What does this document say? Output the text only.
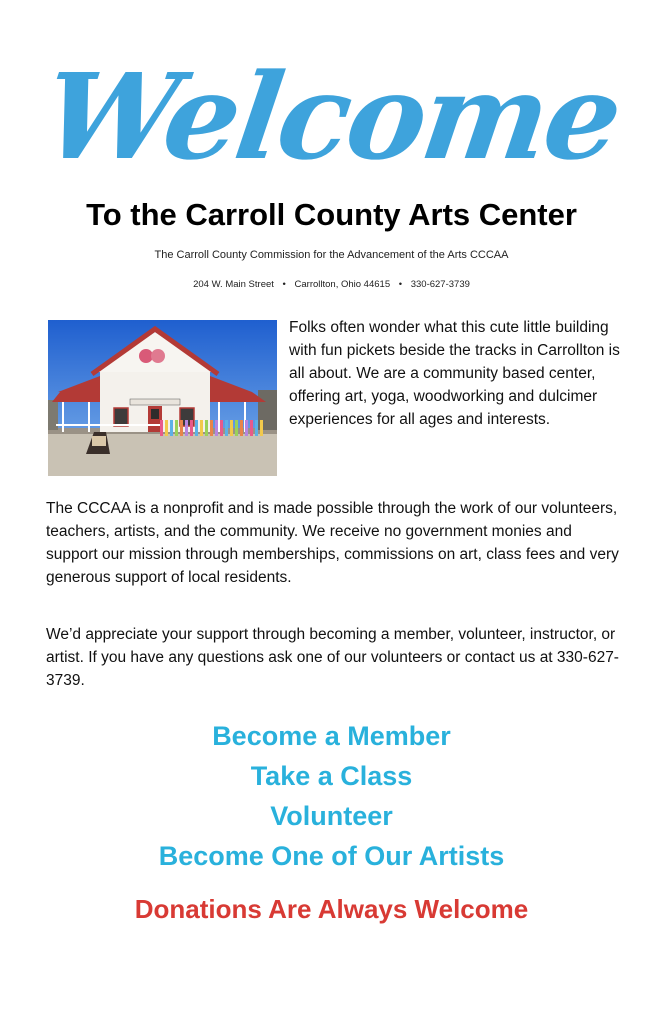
Welcome
To the Carroll County Arts Center
The Carroll County Commission for the Advancement of the Arts CCCAA
204 W. Main Street • Carrollton, Ohio 44615 • 330-627-3739
Folks often wonder what this cute little building with fun pickets beside the tracks in Carrollton is all about. We are a community based center, offering art, yoga, woodworking and dulcimer experiences for all ages and interests.
The CCCAA is a nonprofit and is made possible through the work of our volunteers, teachers, artists, and the community. We receive no government monies and support our mission through memberships, commissions on art, class fees and very generous support of local residents.
We’d appreciate your support through becoming a member, volunteer, instructor, or artist. If you have any questions ask one of our volunteers or contact us at 330-627-3739.
Become a Member
Take a Class
Volunteer
Become One of Our Artists
Donations Are Always Welcome
